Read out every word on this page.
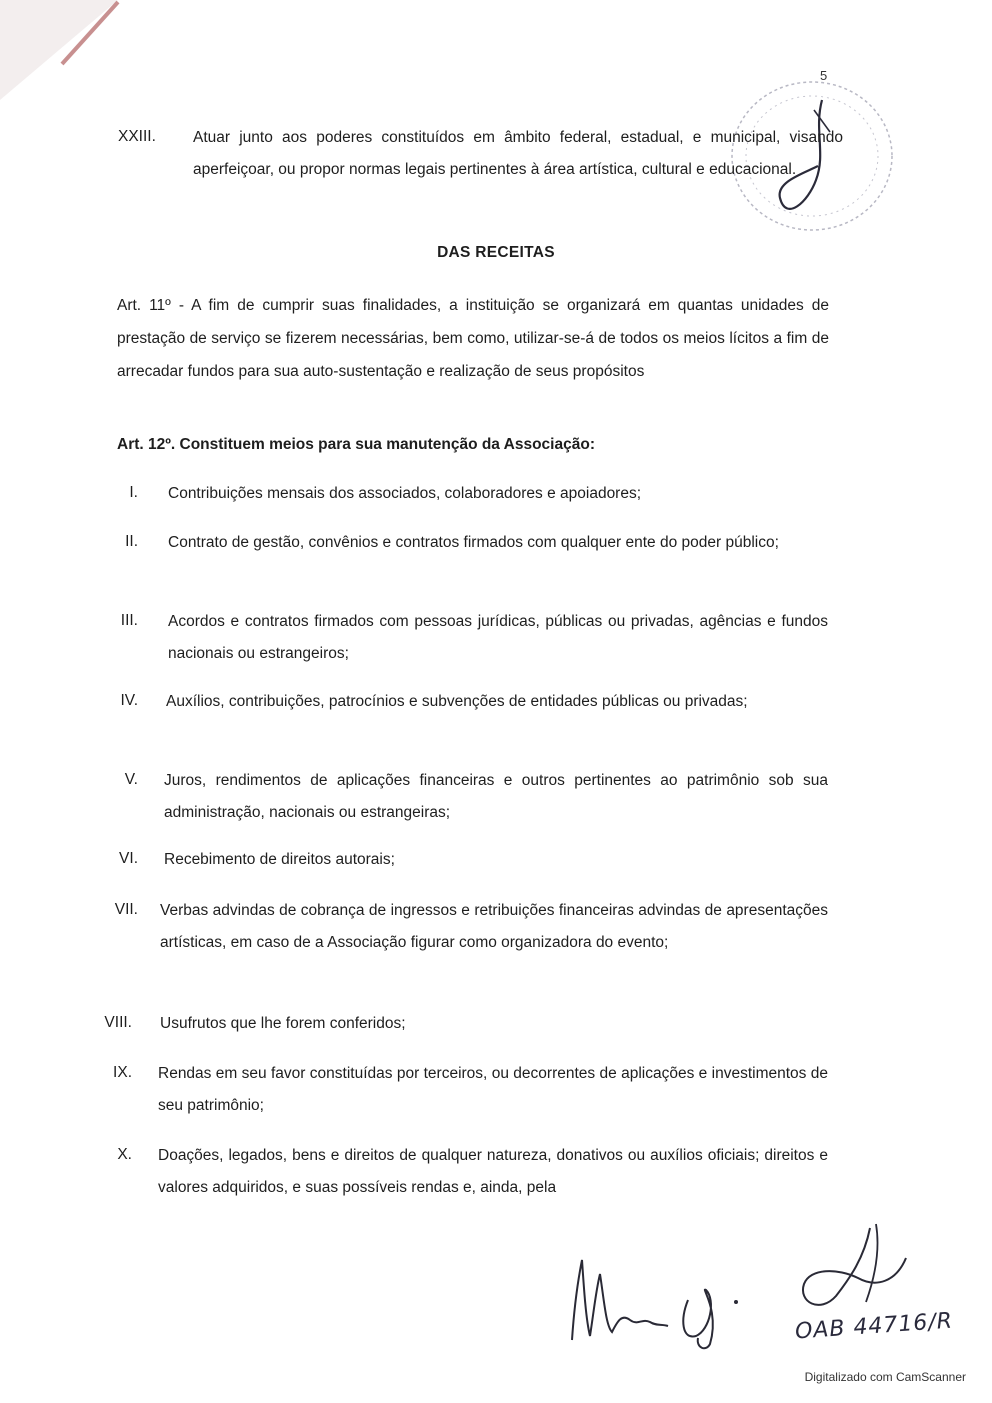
5
XXIII. Atuar junto aos poderes constituídos em âmbito federal, estadual, e municipal, visando aperfeiçoar, ou propor normas legais pertinentes à área artística, cultural e educacional.
DAS RECEITAS
Art. 11º - A fim de cumprir suas finalidades, a instituição se organizará em quantas unidades de prestação de serviço se fizerem necessárias, bem como, utilizar-se-á de todos os meios lícitos a fim de arrecadar fundos para sua auto-sustentação e realização de seus propósitos
Art. 12º. Constituem meios para sua manutenção da Associação:
I. Contribuições mensais dos associados, colaboradores e apoiadores;
II. Contrato de gestão, convênios e contratos firmados com qualquer ente do poder público;
III. Acordos e contratos firmados com pessoas jurídicas, públicas ou privadas, agências e fundos nacionais ou estrangeiros;
IV. Auxílios, contribuições, patrocínios e subvenções de entidades públicas ou privadas;
V. Juros, rendimentos de aplicações financeiras e outros pertinentes ao patrimônio sob sua administração, nacionais ou estrangeiras;
VI. Recebimento de direitos autorais;
VII. Verbas advindas de cobrança de ingressos e retribuições financeiras advindas de apresentações artísticas, em caso de a Associação figurar como organizadora do evento;
VIII. Usufrutos que lhe forem conferidos;
IX. Rendas em seu favor constituídas por terceiros, ou decorrentes de aplicações e investimentos de seu patrimônio;
X. Doações, legados, bens e direitos de qualquer natureza, donativos ou auxílios oficiais; direitos e valores adquiridos, e suas possíveis rendas e, ainda, pela
OAB 44716/R
Digitalizado com CamScanner
